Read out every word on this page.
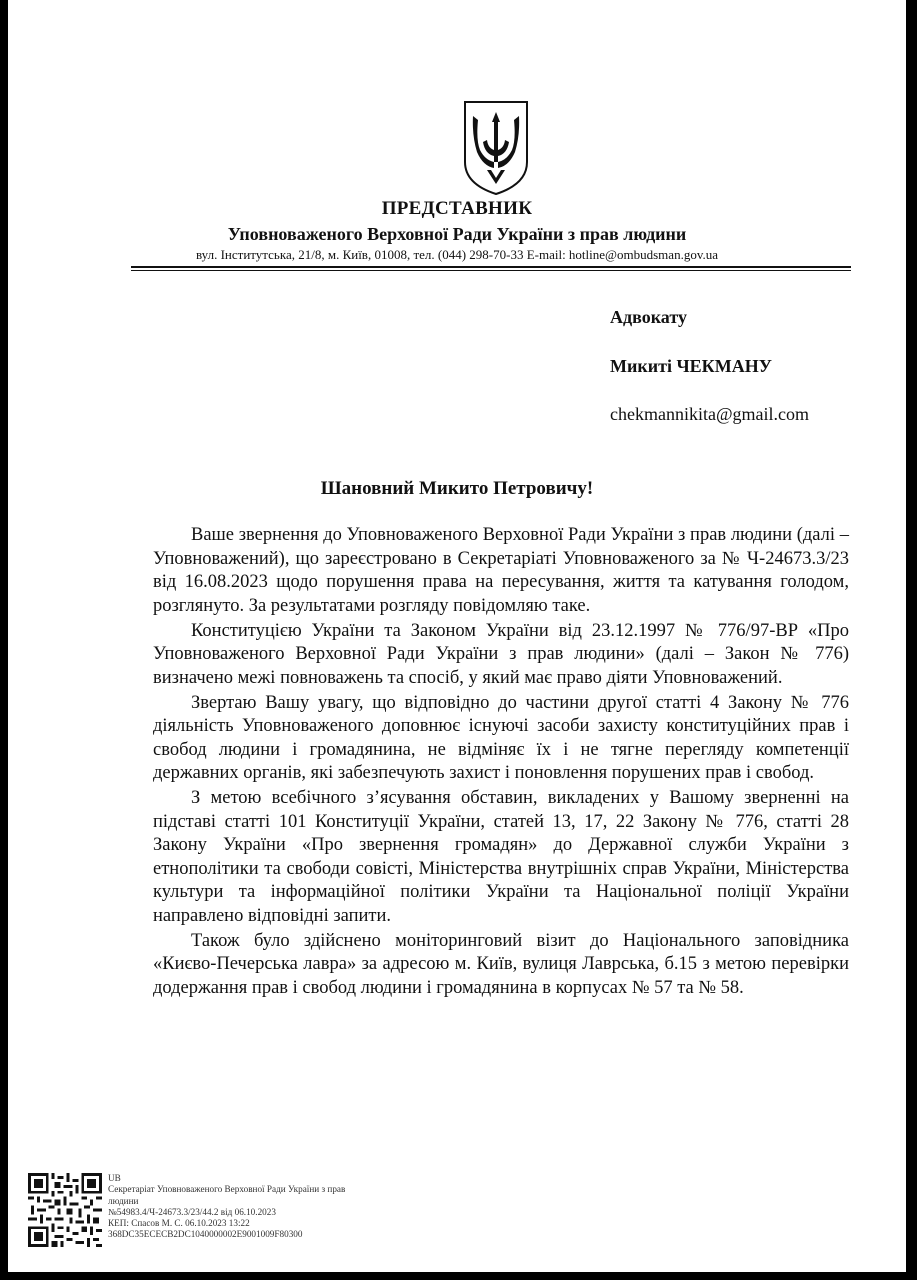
ПРЕДСТАВНИК
Уповноваженого Верховної Ради України з прав людини
вул. Інститутська, 21/8, м. Київ, 01008, тел. (044) 298-70-33 E-mail: hotline@ombudsman.gov.ua
Адвокату
Микиті ЧЕКМАНУ
chekmannikita@gmail.com
Шановний Микито Петровичу!

Ваше звернення до Уповноваженого Верховної Ради України з прав людини (далі – Уповноважений), що зареєстровано в Секретаріаті Уповноваженого за № Ч-24673.3/23 від 16.08.2023 щодо порушення права на пересування, життя та катування голодом, розглянуто. За результатами розгляду повідомляю таке.

Конституцією України та Законом України від 23.12.1997 № 776/97-ВР «Про Уповноваженого Верховної Ради України з прав людини» (далі – Закон № 776) визначено межі повноважень та спосіб, у який має право діяти Уповноважений.

Звертаю Вашу увагу, що відповідно до частини другої статті 4 Закону № 776 діяльність Уповноваженого доповнює існуючі засоби захисту конституційних прав і свобод людини і громадянина, не відміняє їх і не тягне перегляду компетенції державних органів, які забезпечують захист і поновлення порушених прав і свобод.

З метою всебічного з’ясування обставин, викладених у Вашому зверненні на підставі статті 101 Конституції України, статей 13, 17, 22 Закону № 776, статті 28 Закону України «Про звернення громадян» до Державної служби України з етнополітики та свободи совісті, Міністерства внутрішніх справ України, Міністерства культури та інформаційної політики України та Національної поліції України направлено відповідні запити.

Також було здійснено моніторинговий візит до Національного заповідника «Києво-Печерська лавра» за адресою м. Київ, вулиця Лаврська, б.15 з метою перевірки додержання прав і свобод людини і громадянина в корпусах № 57 та № 58.

UB
Секретаріат Уповноваженого Верховної Ради України з прав
людини
№54983.4/Ч-24673.3/23/44.2 від 06.10.2023
КЕП: Спасов М. С. 06.10.2023 13:22
368DC35ECECB2DC1040000002E9001009F80300
